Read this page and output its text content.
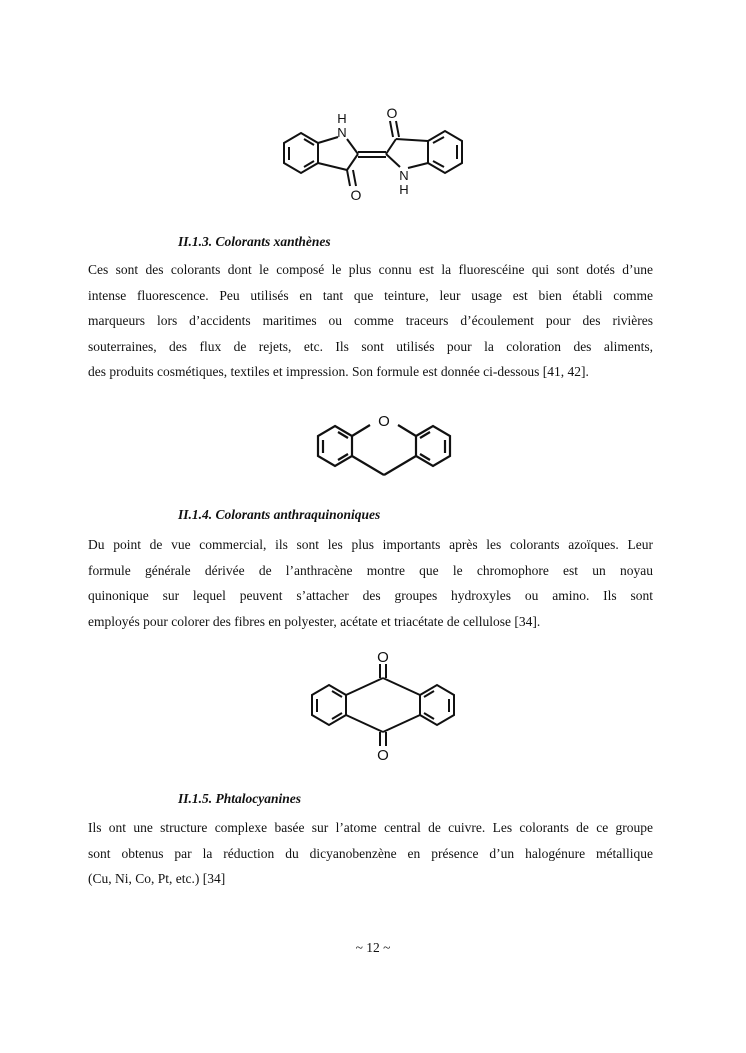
H
N
O
O
N
H
II.1.3. Colorants xanthènes
Ces sont des colorants dont le composé le plus connu est la fluorescéine qui sont dotés d’une
intense fluorescence. Peu utilisés en tant que teinture, leur usage est bien établi comme
marqueurs lors d’accidents maritimes ou comme traceurs d’écoulement pour des rivières
souterraines, des flux de rejets, etc. Ils sont utilisés pour la coloration des aliments,
des produits cosmétiques, textiles et impression. Son formule est donnée ci-dessous [41, 42].
O
II.1.4. Colorants anthraquinoniques
Du point de vue commercial, ils sont les plus importants après les colorants azoïques. Leur
formule générale dérivée de l’anthracène montre que le chromophore est un noyau
quinonique sur lequel peuvent s’attacher des groupes hydroxyles ou amino. Ils sont
employés pour colorer des fibres en polyester, acétate et triacétate de cellulose [34].
O
O
II.1.5. Phtalocyanines
Ils ont une structure complexe basée sur l’atome central de cuivre. Les colorants de ce groupe
sont obtenus par la réduction du dicyanobenzène en présence d’un halogénure métallique
(Cu, Ni, Co, Pt, etc.) [34]
~ 12 ~
